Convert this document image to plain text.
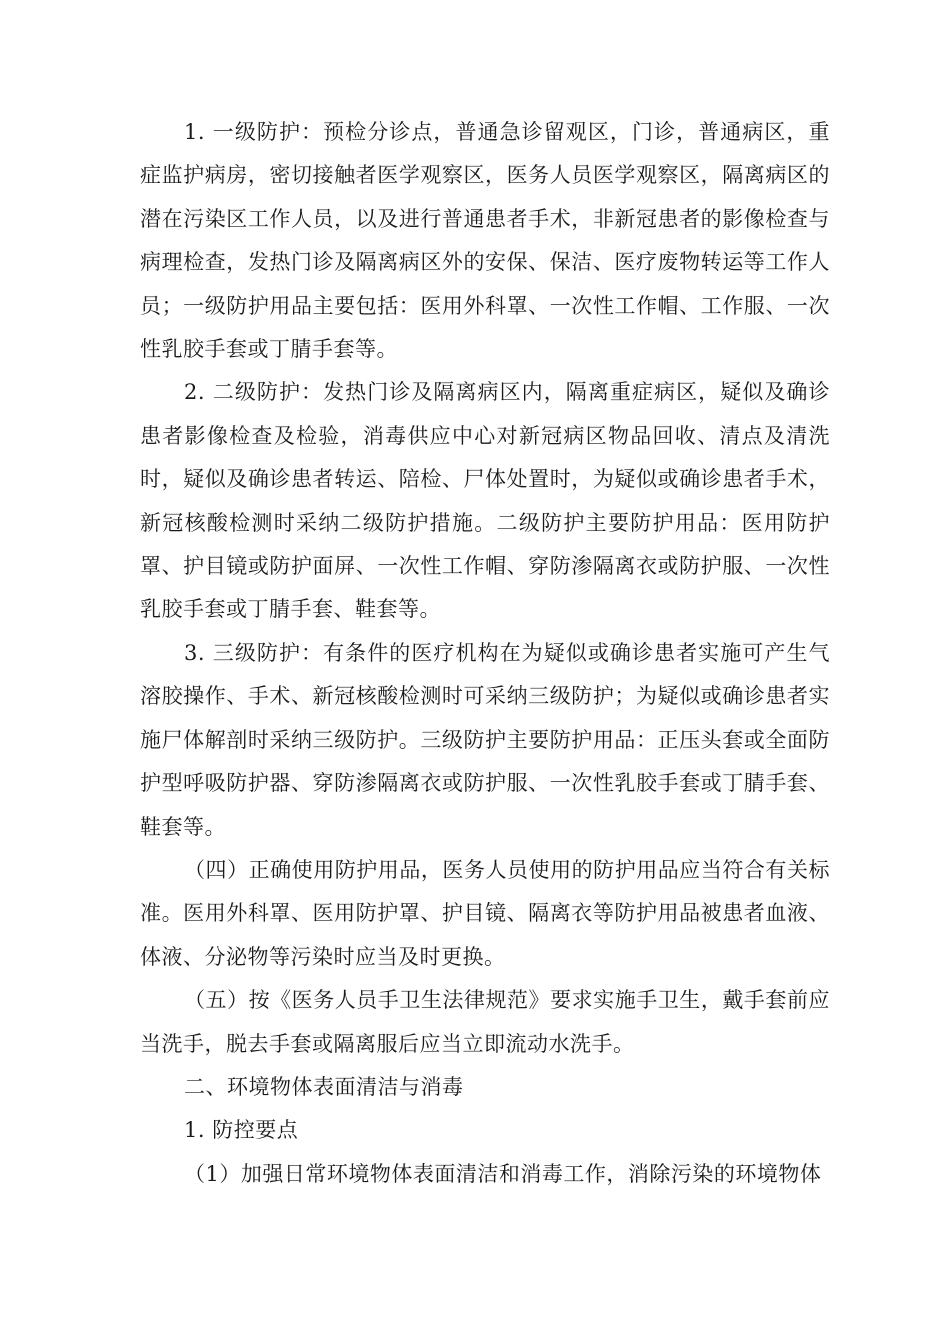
1. 一级防护：预检分诊点，普通急诊留观区，门诊，普通病区，重症监护病房，密切接触者医学观察区，医务人员医学观察区，隔离病区的潜在污染区工作人员，以及进行普通患者手术，非新冠患者的影像检查与病理检查，发热门诊及隔离病区外的安保、保洁、医疗废物转运等工作人员；一级防护用品主要包括：医用外科罩、一次性工作帽、工作服、一次性乳胶手套或丁腈手套等。

2. 二级防护：发热门诊及隔离病区内，隔离重症病区，疑似及确诊患者影像检查及检验，消毒供应中心对新冠病区物品回收、清点及清洗时，疑似及确诊患者转运、陪检、尸体处置时，为疑似或确诊患者手术，新冠核酸检测时采纳二级防护措施。二级防护主要防护用品：医用防护罩、护目镜或防护面屏、一次性工作帽、穿防渗隔离衣或防护服、一次性乳胶手套或丁腈手套、鞋套等。

3. 三级防护：有条件的医疗机构在为疑似或确诊患者实施可产生气溶胶操作、手术、新冠核酸检测时可采纳三级防护；为疑似或确诊患者实施尸体解剖时采纳三级防护。三级防护主要防护用品：正压头套或全面防护型呼吸防护器、穿防渗隔离衣或防护服、一次性乳胶手套或丁腈手套、鞋套等。

（四）正确使用防护用品，医务人员使用的防护用品应当符合有关标准。医用外科罩、医用防护罩、护目镜、隔离衣等防护用品被患者血液、体液、分泌物等污染时应当及时更换。

（五）按《医务人员手卫生法律规范》要求实施手卫生，戴手套前应当洗手，脱去手套或隔离服后应当立即流动水洗手。

二、环境物体表面清洁与消毒

1. 防控要点

（1）加强日常环境物体表面清洁和消毒工作，消除污染的环境物体
